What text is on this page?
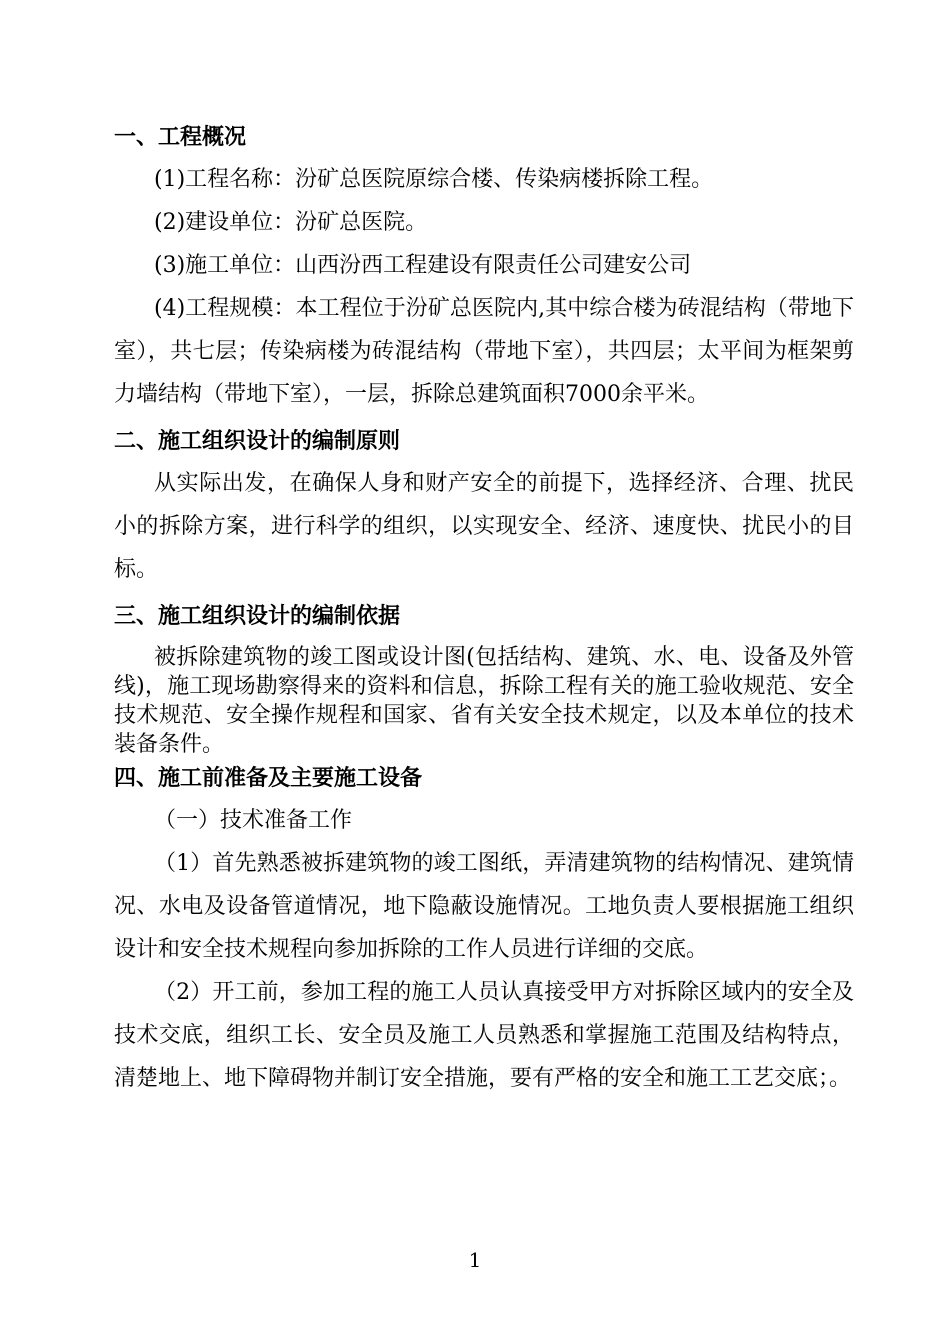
一、工程概况

(1)工程名称：汾矿总医院原综合楼、传染病楼拆除工程。

(2)建设单位：汾矿总医院。

(3)施工单位：山西汾西工程建设有限责任公司建安公司

(4)工程规模：本工程位于汾矿总医院内,其中综合楼为砖混结构（带地下室），共七层；传染病楼为砖混结构（带地下室），共四层；太平间为框架剪力墙结构（带地下室），一层，拆除总建筑面积7000余平米。

二、施工组织设计的编制原则

从实际出发，在确保人身和财产安全的前提下，选择经济、合理、扰民小的拆除方案，进行科学的组织，以实现安全、经济、速度快、扰民小的目标。

三、施工组织设计的编制依据

被拆除建筑物的竣工图或设计图(包括结构、建筑、水、电、设备及外管线)，施工现场勘察得来的资料和信息，拆除工程有关的施工验收规范、安全技术规范、安全操作规程和国家、省有关安全技术规定，以及本单位的技术装备条件。

四、施工前准备及主要施工设备

（一）技术准备工作

（1）首先熟悉被拆建筑物的竣工图纸，弄清建筑物的结构情况、建筑情况、水电及设备管道情况，地下隐蔽设施情况。工地负责人要根据施工组织设计和安全技术规程向参加拆除的工作人员进行详细的交底。

（2）开工前，参加工程的施工人员认真接受甲方对拆除区域内的安全及技术交底，组织工长、安全员及施工人员熟悉和掌握施工范围及结构特点，清楚地上、地下障碍物并制订安全措施，要有严格的安全和施工工艺交底；。

1
